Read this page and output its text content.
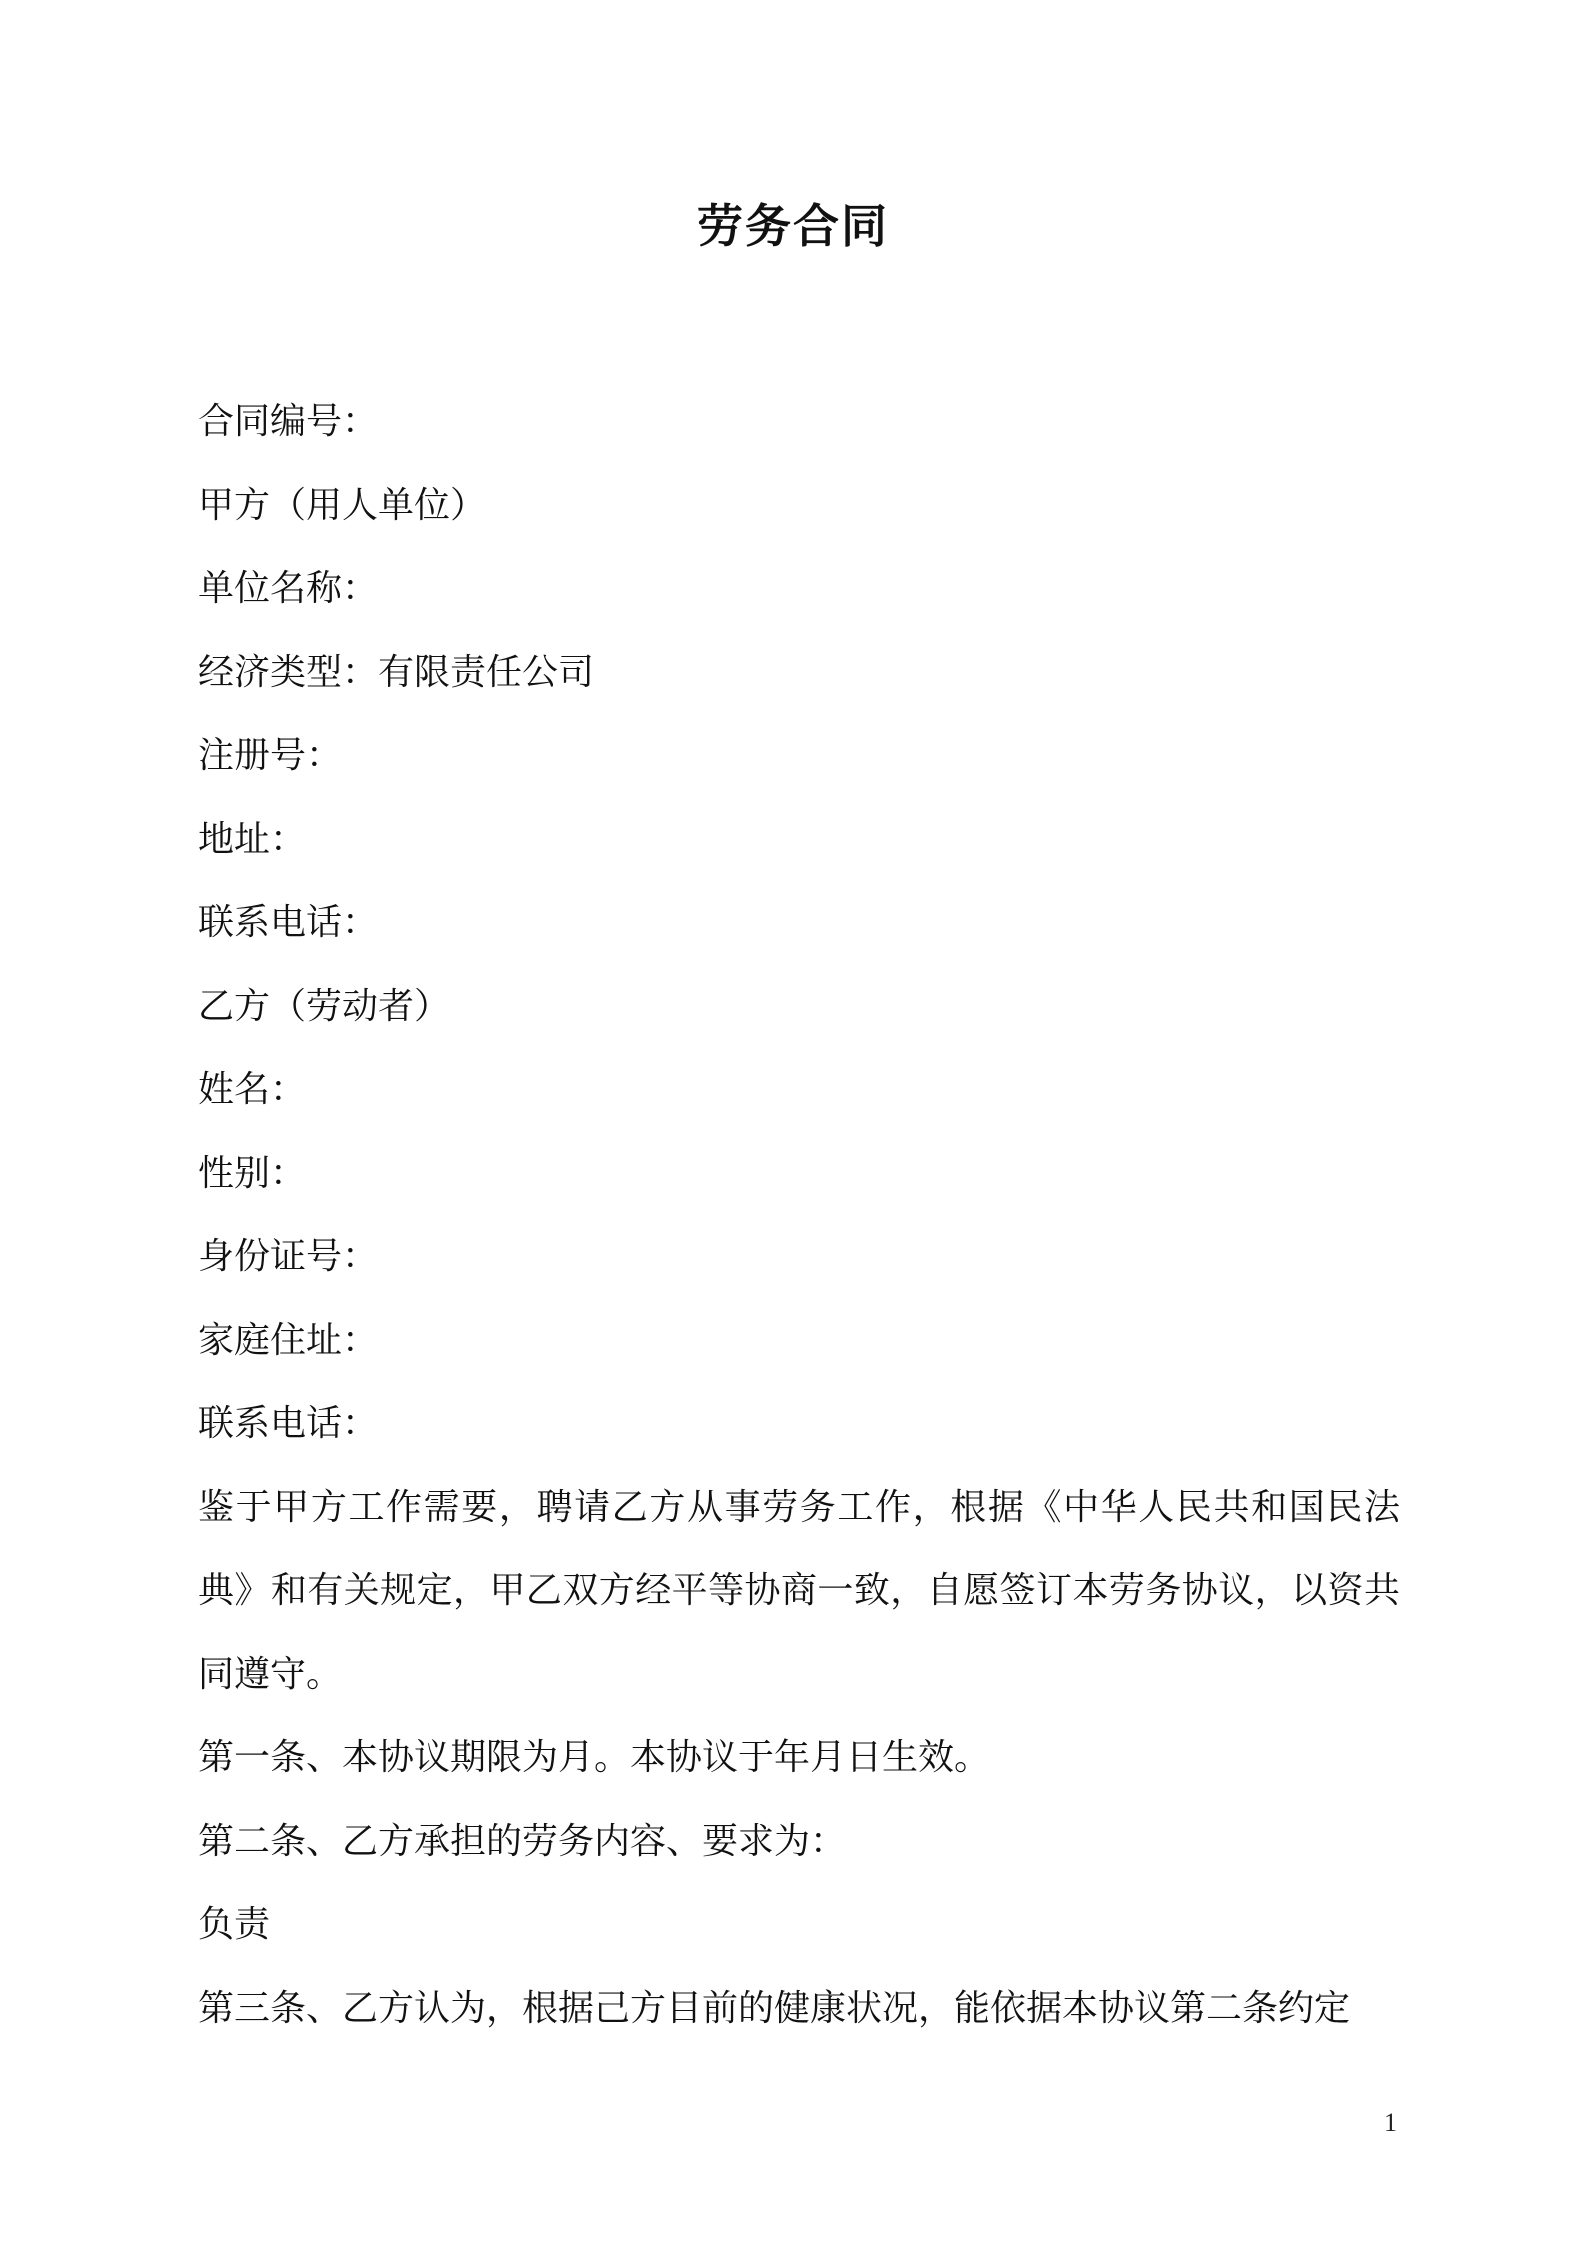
劳务合同
合同编号：
甲方（用人单位）
单位名称：
经济类型：有限责任公司
注册号：
地址：
联系电话：
乙方（劳动者）
姓名：
性别：
身份证号：
家庭住址：
联系电话：
鉴于甲方工作需要，聘请乙方从事劳务工作，根据《中华人民共和国民法典》和有关规定，甲乙双方经平等协商一致，自愿签订本劳务协议，以资共同遵守。
第一条、本协议期限为月。本协议于年月日生效。
第二条、乙方承担的劳务内容、要求为：
负责
第三条、乙方认为，根据己方目前的健康状况，能依据本协议第二条约定
1
